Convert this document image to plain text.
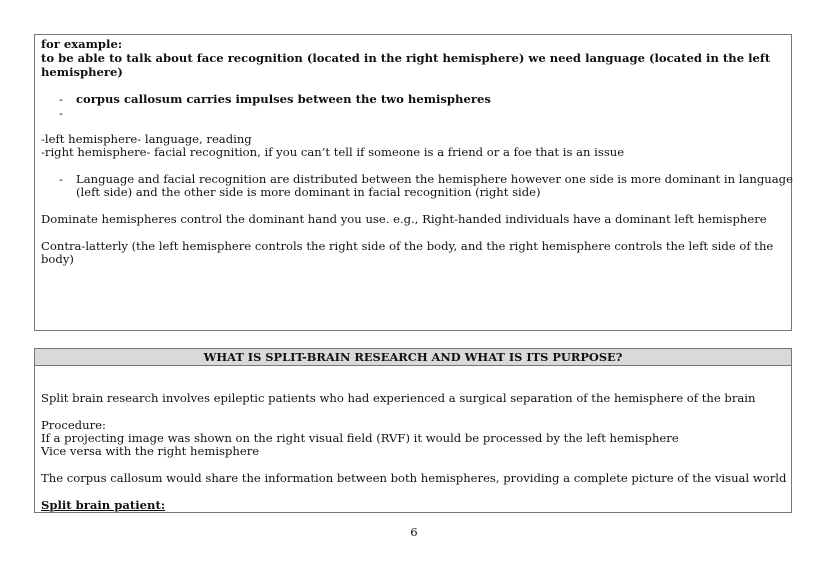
for example:
to be able to talk about face recognition (located in the right hemisphere) we need language (located in the left
hemisphere)
- corpus callosum carries impulses between the two hemispheres
-
-left hemisphere- language, reading
-right hemisphere- facial recognition, if you can’t tell if someone is a friend or a foe that is an issue
- Language and facial recognition are distributed between the hemisphere however one side is more dominant in language
(left side) and the other side is more dominant in facial recognition (right side)
Dominate hemispheres control the dominant hand you use. e.g., Right-handed individuals have a dominant left hemisphere
Contra-latterly (the left hemisphere controls the right side of the body, and the right hemisphere controls the left side of the
body)
WHAT IS SPLIT-BRAIN RESEARCH AND WHAT IS ITS PURPOSE?
Split brain research involves epileptic patients who had experienced a surgical separation of the hemisphere of the brain
Procedure:
If a projecting image was shown on the right visual field (RVF) it would be processed by the left hemisphere
Vice versa with the right hemisphere
The corpus callosum would share the information between both hemispheres, providing a complete picture of the visual world
Split brain patient:
6
